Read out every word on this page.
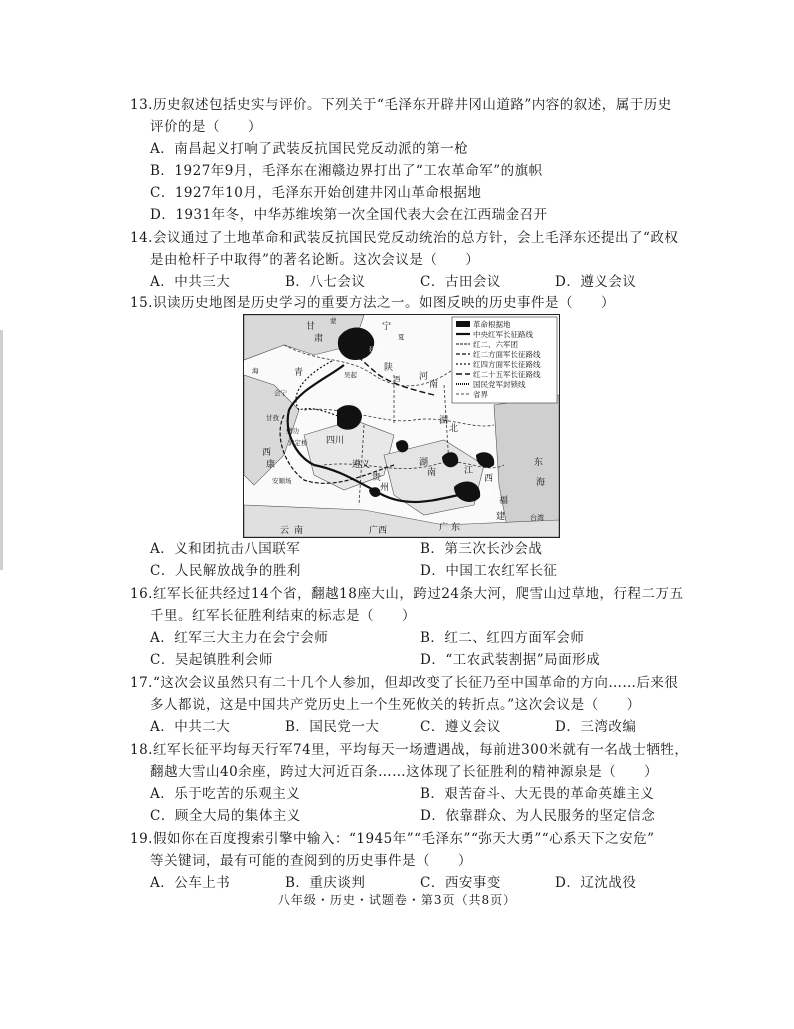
13.历史叙述包括史实与评价。下列关于“毛泽东开辟井冈山道路”内容的叙述，属于历史
评价的是（　　）
A．南昌起义打响了武装反抗国民党反动派的第一枪
B．1927年9月，毛泽东在湘赣边界打出了“工农革命军”的旗帜
C．1927年10月，毛泽东开始创建井冈山革命根据地
D．1931年冬，中华苏维埃第一次全国代表大会在江西瑞金召开
14.会议通过了土地革命和武装反抗国民党反动统治的总方针，会上毛泽东还提出了“政权
是由枪杆子中取得”的著名论断。这次会议是（　　）
A．中共三大	B．八七会议	C．古田会议	D．遵义会议
15.识读历史地图是历史学习的重要方法之一。如图反映的历史事件是（　　）
甘
肃
宁
青	陕
河
南
四川
湖
北
湖
南
贵
州
遵义
西
康
云 南	广西	广 东
江
西
福
建
东
海
台湾
革命根据地
中央红军长征路线
红二、六军团
红二方面军长征路线
红四方面军长征路线
红二十五军长征路线
国民党军封锁线
省界
会宁
吴起
延安
甘孜
懋功
安顺场
泸定桥
瑞金
蒙
夏
西
海
A．义和团抗击八国联军	B．第三次长沙会战
C．人民解放战争的胜利	D．中国工农红军长征
16.红军长征共经过14个省，翻越18座大山，跨过24条大河，爬雪山过草地，行程二万五
千里。红军长征胜利结束的标志是（　　）
A．红军三大主力在会宁会师	B．红二、红四方面军会师
C．吴起镇胜利会师	D．“工农武装割据”局面形成
17.“这次会议虽然只有二十几个人参加，但却改变了长征乃至中国革命的方向……后来很
多人都说，这是中国共产党历史上一个生死攸关的转折点。”这次会议是（　　）
A．中共二大	B．国民党一大	C．遵义会议	D．三湾改编
18.红军长征平均每天行军74里，平均每天一场遭遇战，每前进300米就有一名战士牺牲，
翻越大雪山40余座，跨过大河近百条……这体现了长征胜利的精神源泉是（　　）
A．乐于吃苦的乐观主义	B．艰苦奋斗、大无畏的革命英雄主义
C．顾全大局的集体主义	D．依靠群众、为人民服务的坚定信念
19.假如你在百度搜索引擎中输入：“1945年”“毛泽东”“弥天大勇”“心系天下之安危”
等关键词，最有可能的查阅到的历史事件是（　　）
A．公车上书	B．重庆谈判	C．西安事变	D．辽沈战役
八年级・历史・试题卷・第3页（共8页）
